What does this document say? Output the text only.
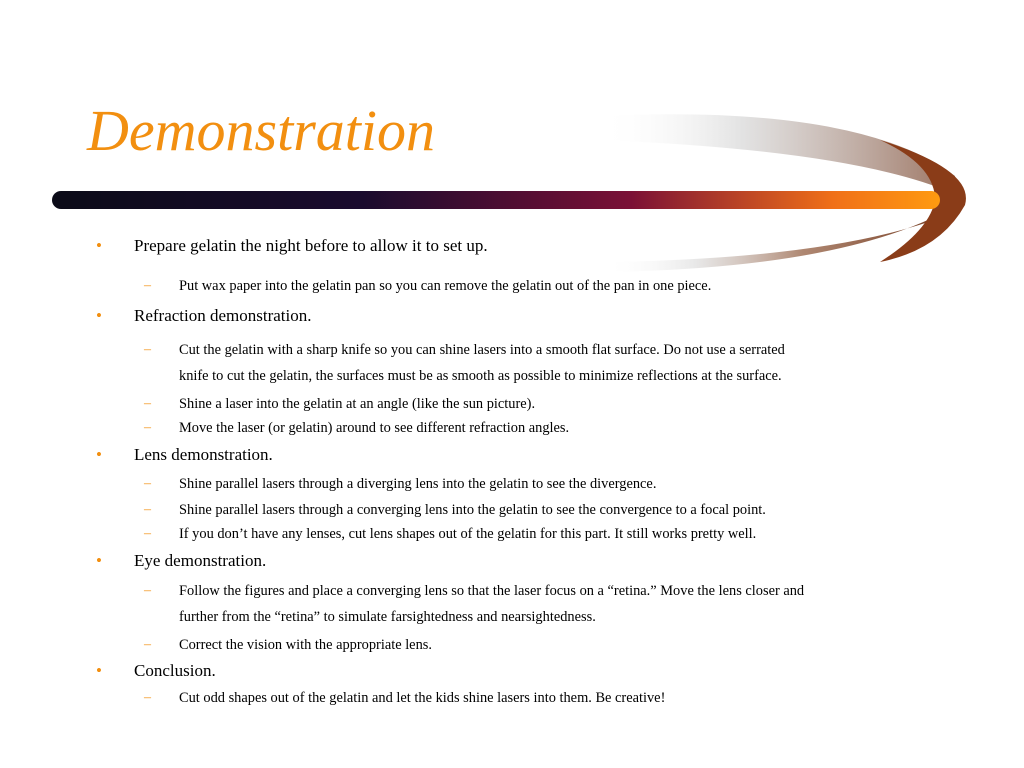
Demonstration
• Prepare gelatin the night before to allow it to set up.
– Put wax paper into the gelatin pan so you can remove the gelatin out of the pan in one piece.
• Refraction demonstration.
– Cut the gelatin with a sharp knife so you can shine lasers into a smooth flat surface. Do not use a serrated
knife to cut the gelatin, the surfaces must be as smooth as possible to minimize reflections at the surface.
– Shine a laser into the gelatin at an angle (like the sun picture).
– Move the laser (or gelatin) around to see different refraction angles.
• Lens demonstration.
– Shine parallel lasers through a diverging lens into the gelatin to see the divergence.
– Shine parallel lasers through a converging lens into the gelatin to see the convergence to a focal point.
– If you don’t have any lenses, cut lens shapes out of the gelatin for this part. It still works pretty well.
• Eye demonstration.
– Follow the figures and place a converging lens so that the laser focus on a “retina.” Move the lens closer and
further from the “retina” to simulate farsightedness and nearsightedness.
– Correct the vision with the appropriate lens.
• Conclusion.
– Cut odd shapes out of the gelatin and let the kids shine lasers into them. Be creative!
